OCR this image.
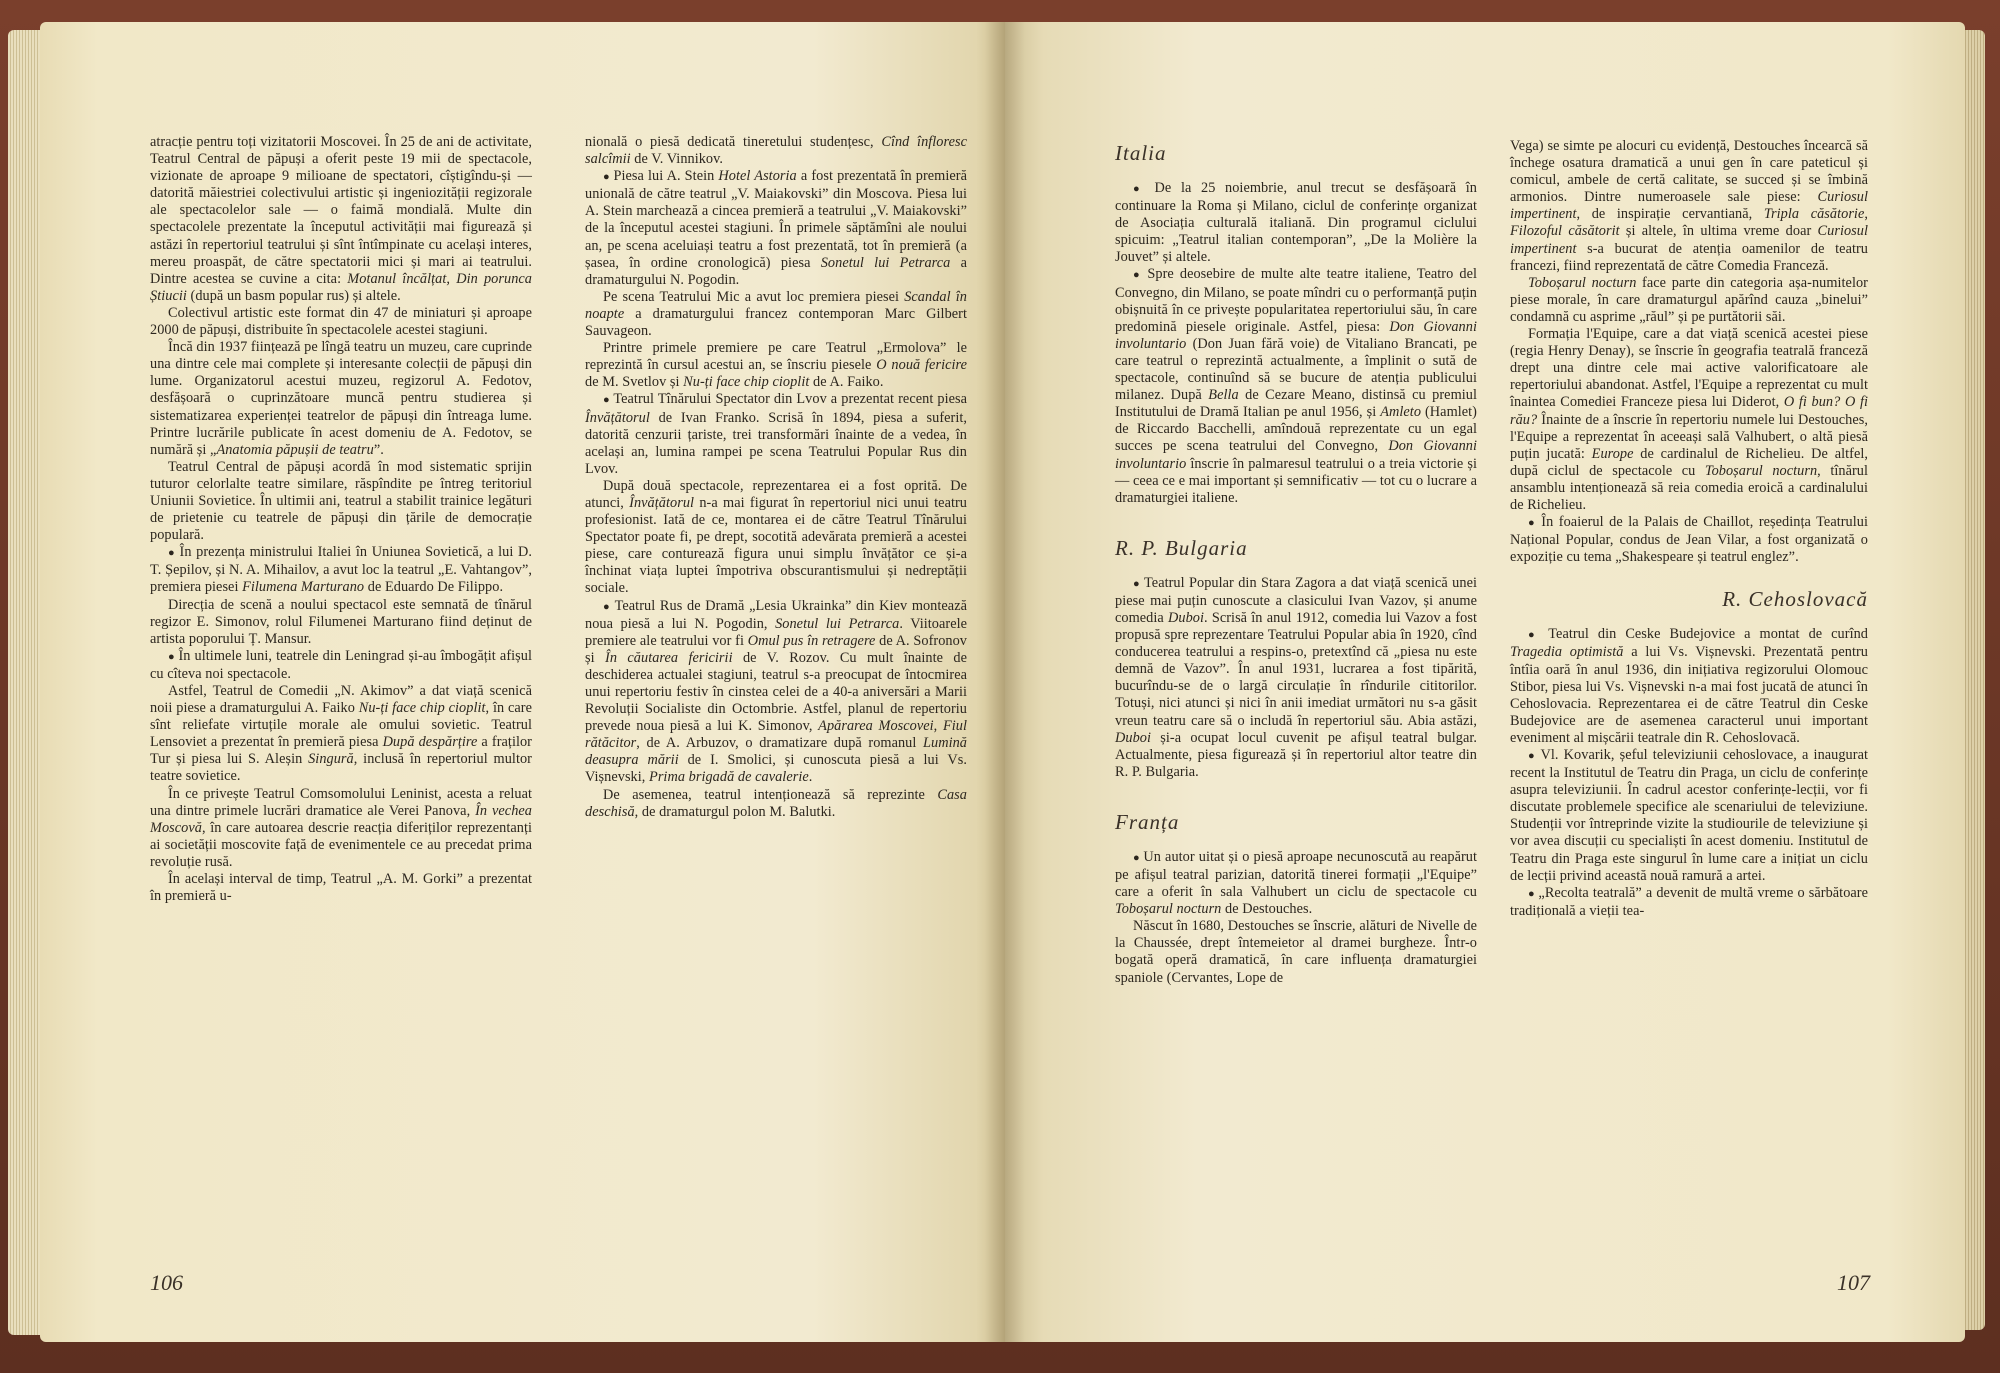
atracție pentru toți vizitatorii Moscovei. În 25 de ani de activitate, Teatrul Central de păpuși a oferit peste 19 mii de spectacole, vizionate de aproape 9 milioane de spectatori, cîștigîndu-și — datorită măiestriei colectivului artistic și ingeniozității regizorale ale spectacolelor sale — o faimă mondială. Multe din spectacolele prezentate la începutul activității mai figurează și astăzi în repertoriul teatrului și sînt întîmpinate cu același interes, mereu proaspăt, de către spectatorii mici și mari ai teatrului. Dintre acestea se cuvine a cita: Motanul încălțat, Din porunca Știucii (după un basm popular rus) și altele.

Colectivul artistic este format din 47 de miniaturi și aproape 2000 de păpuși, distribuite în spectacolele acestei stagiuni.

Încă din 1937 ființează pe lîngă teatru un muzeu, care cuprinde una dintre cele mai complete și interesante colecții de păpuși din lume. Organizatorul acestui muzeu, regizorul A. Fedotov, desfășoară o cuprinzătoare muncă pentru studierea și sistematizarea experienței teatrelor de păpuși din întreaga lume. Printre lucrările publicate în acest domeniu de A. Fedotov, se numără și „Anatomia păpușii de teatru”.

Teatrul Central de păpuși acordă în mod sistematic sprijin tuturor celorlalte teatre similare, răspîndite pe întreg teritoriul Uniunii Sovietice. În ultimii ani, teatrul a stabilit trainice legături de prietenie cu teatrele de păpuși din țările de democrație populară.

● În prezența ministrului Italiei în Uniunea Sovietică, a lui D. T. Șepilov, și N. A. Mihailov, a avut loc la teatrul „E. Vahtangov”, premiera piesei Filumena Marturano de Eduardo De Filippo.

Direcția de scenă a noului spectacol este semnată de tînărul regizor E. Simonov, rolul Filumenei Marturano fiind deținut de artista poporului Ț. Mansur.

● În ultimele luni, teatrele din Leningrad și-au îmbogățit afișul cu cîteva noi spectacole.

Astfel, Teatrul de Comedii „N. Akimov” a dat viață scenică noii piese a dramaturgului A. Faiko Nu-ți face chip cioplit, în care sînt reliefate virtuțile morale ale omului sovietic. Teatrul Lensoviet a prezentat în premieră piesa După despărțire a fraților Tur și piesa lui S. Aleșin Singură, inclusă în repertoriul multor teatre sovietice.

În ce privește Teatrul Comsomolului Leninist, acesta a reluat una dintre primele lucrări dramatice ale Verei Panova, În vechea Moscovă, în care autoarea descrie reacția diferiților reprezentanți ai societății moscovite față de evenimentele ce au precedat prima revoluție rusă.

În același interval de timp, Teatrul „A. M. Gorki” a prezentat în premieră u-

nională o piesă dedicată tineretului studențesc, Cînd înfloresc salcîmii de V. Vinnikov.

● Piesa lui A. Stein Hotel Astoria a fost prezentată în premieră unională de către teatrul „V. Maiakovski” din Moscova. Piesa lui A. Stein marchează a cincea premieră a teatrului „V. Maiakovski” de la începutul acestei stagiuni. În primele săptămîni ale noului an, pe scena aceluiași teatru a fost prezentată, tot în premieră (a șasea, în ordine cronologică) piesa Sonetul lui Petrarca a dramaturgului N. Pogodin.

Pe scena Teatrului Mic a avut loc premiera piesei Scandal în noapte a dramaturgului francez contemporan Marc Gilbert Sauvageon.

Printre primele premiere pe care Teatrul „Ermolova” le reprezintă în cursul acestui an, se înscriu piesele O nouă fericire de M. Svetlov și Nu-ți face chip cioplit de A. Faiko.

● Teatrul Tînărului Spectator din Lvov a prezentat recent piesa Învățătorul de Ivan Franko. Scrisă în 1894, piesa a suferit, datorită cenzurii țariste, trei transformări înainte de a vedea, în același an, lumina rampei pe scena Teatrului Popular Rus din Lvov.

După două spectacole, reprezentarea ei a fost oprită. De atunci, Învățătorul n-a mai figurat în repertoriul nici unui teatru profesionist. Iată de ce, montarea ei de către Teatrul Tînărului Spectator poate fi, pe drept, socotită adevărata premieră a acestei piese, care conturează figura unui simplu învățător ce și-a închinat viața luptei împotriva obscurantismului și nedreptății sociale.

● Teatrul Rus de Dramă „Lesia Ukrainka” din Kiev montează noua piesă a lui N. Pogodin, Sonetul lui Petrarca. Viitoarele premiere ale teatrului vor fi Omul pus în retragere de A. Sofronov și În căutarea fericirii de V. Rozov. Cu mult înainte de deschiderea actualei stagiuni, teatrul s-a preocupat de întocmirea unui repertoriu festiv în cinstea celei de a 40-a aniversări a Marii Revoluții Socialiste din Octombrie. Astfel, planul de repertoriu prevede noua piesă a lui K. Simonov, Apărarea Moscovei, Fiul rătăcitor, de A. Arbuzov, o dramatizare după romanul Lumină deasupra mării de I. Smolici, și cunoscuta piesă a lui Vs. Vișnevski, Prima brigadă de cavalerie.

De asemenea, teatrul intenționează să reprezinte Casa deschisă, de dramaturgul polon M. Balutki.

106
Italia

● De la 25 noiembrie, anul trecut se desfășoară în continuare la Roma și Milano, ciclul de conferințe organizat de Asociația culturală italiană. Din programul ciclului spicuim: „Teatrul italian contemporan”, „De la Molière la Jouvet” și altele.

● Spre deosebire de multe alte teatre italiene, Teatro del Convegno, din Milano, se poate mîndri cu o performanță puțin obișnuită în ce privește popularitatea repertoriului său, în care predomină piesele originale. Astfel, piesa: Don Giovanni involuntario (Don Juan fără voie) de Vitaliano Brancati, pe care teatrul o reprezintă actualmente, a împlinit o sută de spectacole, continuînd să se bucure de atenția publicului milanez. După Bella de Cezare Meano, distinsă cu premiul Institutului de Dramă Italian pe anul 1956, și Amleto (Hamlet) de Riccardo Bacchelli, amîndouă reprezentate cu un egal succes pe scena teatrului del Convegno, Don Giovanni involuntario înscrie în palmaresul teatrului o a treia victorie și — ceea ce e mai important și semnificativ — tot cu o lucrare a dramaturgiei italiene.

R. P. Bulgaria

● Teatrul Popular din Stara Zagora a dat viață scenică unei piese mai puțin cunoscute a clasicului Ivan Vazov, și anume comedia Duboi. Scrisă în anul 1912, comedia lui Vazov a fost propusă spre reprezentare Teatrului Popular abia în 1920, cînd conducerea teatrului a respins-o, pretextînd că „piesa nu este demnă de Vazov”. În anul 1931, lucrarea a fost tipărită, bucurîndu-se de o largă circulație în rîndurile cititorilor. Totuși, nici atunci și nici în anii imediat următori nu s-a găsit vreun teatru care să o includă în repertoriul său. Abia astăzi, Duboi și-a ocupat locul cuvenit pe afișul teatral bulgar. Actualmente, piesa figurează și în repertoriul altor teatre din R. P. Bulgaria.

Franța

● Un autor uitat și o piesă aproape necunoscută au reapărut pe afișul teatral parizian, datorită tinerei formații „l'Equipe” care a oferit în sala Valhubert un ciclu de spectacole cu Toboșarul nocturn de Destouches.

Născut în 1680, Destouches se înscrie, alături de Nivelle de la Chaussée, drept întemeietor al dramei burgheze. Într-o bogată operă dramatică, în care influența dramaturgiei spaniole (Cervantes, Lope de

Vega) se simte pe alocuri cu evidență, Destouches încearcă să închege osatura dramatică a unui gen în care pateticul și comicul, ambele de certă calitate, se succed și se îmbină armonios. Dintre numeroasele sale piese: Curiosul impertinent, de inspirație cervantiană, Tripla căsătorie, Filozoful căsătorit și altele, în ultima vreme doar Curiosul impertinent s-a bucurat de atenția oamenilor de teatru francezi, fiind reprezentată de către Comedia Franceză.

Toboșarul nocturn face parte din categoria așa-numitelor piese morale, în care dramaturgul apărînd cauza „binelui” condamnă cu asprime „răul” și pe purtătorii săi.

Formația l'Equipe, care a dat viață scenică acestei piese (regia Henry Denay), se înscrie în geografia teatrală franceză drept una dintre cele mai active valorificatoare ale repertoriului abandonat. Astfel, l'Equipe a reprezentat cu mult înaintea Comediei Franceze piesa lui Diderot, O fi bun? O fi rău? Înainte de a înscrie în repertoriu numele lui Destouches, l'Equipe a reprezentat în aceeași sală Valhubert, o altă piesă puțin jucată: Europe de cardinalul de Richelieu. De altfel, după ciclul de spectacole cu Toboșarul nocturn, tînărul ansamblu intenționează să reia comedia eroică a cardinalului de Richelieu.

● În foaierul de la Palais de Chaillot, reședința Teatrului Național Popular, condus de Jean Vilar, a fost organizată o expoziție cu tema „Shakespeare și teatrul englez”.

R. Cehoslovacă

● Teatrul din Ceske Budejovice a montat de curînd Tragedia optimistă a lui Vs. Vișnevski. Prezentată pentru întîia oară în anul 1936, din inițiativa regizorului Olomouc Stibor, piesa lui Vs. Vișnevski n-a mai fost jucată de atunci în Cehoslovacia. Reprezentarea ei de către Teatrul din Ceske Budejovice are de asemenea caracterul unui important eveniment al mișcării teatrale din R. Cehoslovacă.

● Vl. Kovarik, șeful televiziunii cehoslovace, a inaugurat recent la Institutul de Teatru din Praga, un ciclu de conferințe asupra televiziunii. În cadrul acestor conferințe-lecții, vor fi discutate problemele specifice ale scenariului de televiziune. Studenții vor întreprinde vizite la studiourile de televiziune și vor avea discuții cu specialiști în acest domeniu. Institutul de Teatru din Praga este singurul în lume care a inițiat un ciclu de lecții privind această nouă ramură a artei.

● „Recolta teatrală” a devenit de multă vreme o sărbătoare tradițională a vieții tea-

107
